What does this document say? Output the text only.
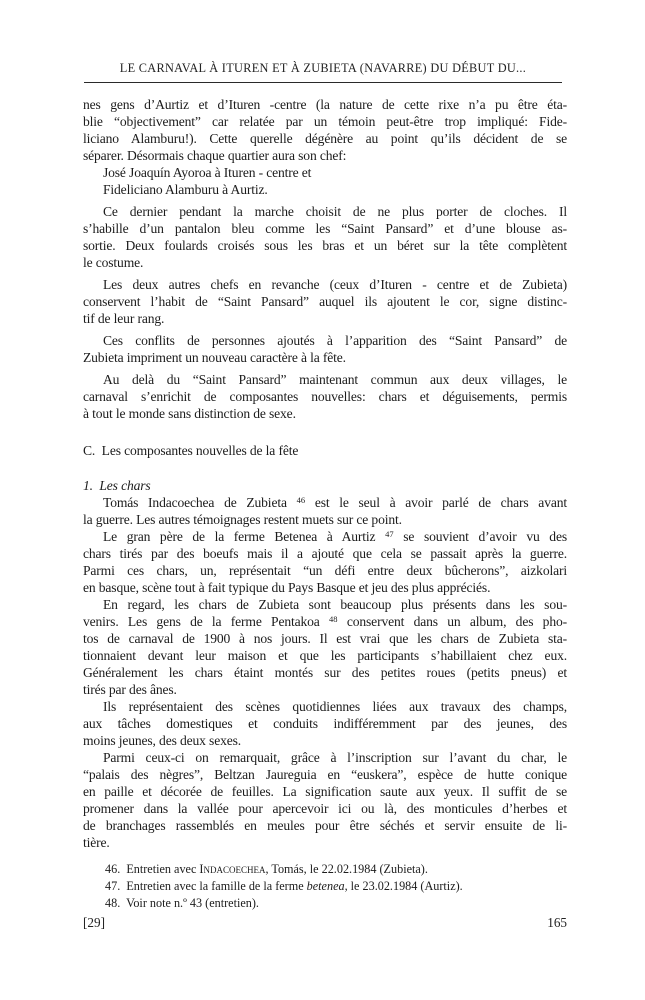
LE CARNAVAL À ITUREN ET À ZUBIETA (NAVARRE) DU DÉBUT DU...
nes gens d’Aurtiz et d’Ituren -centre (la nature de cette rixe n’a pu être éta-
blie “objectivement” car relatée par un témoin peut-être trop impliqué: Fide-
liciano Alamburu!). Cette querelle dégénère au point qu’ils décident de se
séparer. Désormais chaque quartier aura son chef:
José Joaquín Ayoroa à Ituren - centre et
Fideliciano Alamburu à Aurtiz.
Ce dernier pendant la marche choisit de ne plus porter de cloches. Il
s’habille d’un pantalon bleu comme les “Saint Pansard” et d’une blouse as-
sortie. Deux foulards croisés sous les bras et un béret sur la tête complètent
le costume.
Les deux autres chefs en revanche (ceux d’Ituren - centre et de Zubieta)
conservent l’habit de “Saint Pansard” auquel ils ajoutent le cor, signe distinc-
tif de leur rang.
Ces conflits de personnes ajoutés à l’apparition des “Saint Pansard” de
Zubieta impriment un nouveau caractère à la fête.
Au delà du “Saint Pansard” maintenant commun aux deux villages, le
carnaval s’enrichit de composantes nouvelles: chars et déguisements, permis
à tout le monde sans distinction de sexe.
C.  Les composantes nouvelles de la fête
1.  Les chars
Tomás Indacoechea de Zubieta $^{46}$ est le seul à avoir parlé de chars avant
la guerre. Les autres témoignages restent muets sur ce point.
Le gran père de la ferme Betenea à Aurtiz $^{47}$ se souvient d’avoir vu des
chars tirés par des boeufs mais il a ajouté que cela se passait après la guerre.
Parmi ces chars, un, représentait “un défi entre deux bûcherons”, aizkolari
en basque, scène tout à fait typique du Pays Basque et jeu des plus appréciés.
En regard, les chars de Zubieta sont beaucoup plus présents dans les sou-
venirs. Les gens de la ferme Pentakoa $^{48}$ conservent dans un album, des pho-
tos de carnaval de 1900 à nos jours. Il est vrai que les chars de Zubieta sta-
tionnaient devant leur maison et que les participants s’habillaient chez eux.
Généralement les chars étaint montés sur des petites roues (petits pneus) et
tirés par des ânes.
Ils représentaient des scènes quotidiennes liées aux travaux des champs,
aux tâches domestiques et conduits indifféremment par des jeunes, des
moins jeunes, des deux sexes.
Parmi ceux-ci on remarquait, grâce à l’inscription sur l’avant du char, le
“palais des nègres”, Beltzan Jaureguia en “euskera”, espèce de hutte conique
en paille et décorée de feuilles. La signification saute aux yeux. Il suffit de se
promener dans la vallée pour apercevoir ici ou là, des monticules d’herbes et
de branchages rassemblés en meules pour être séchés et servir ensuite de li-
tière.
46.  Entretien avec Indacoechea, Tomás, le 22.02.1984 (Zubieta).
47.  Entretien avec la famille de la ferme betenea, le 23.02.1984 (Aurtiz).
48.  Voir note n.º 43 (entretien).
[29]	165
